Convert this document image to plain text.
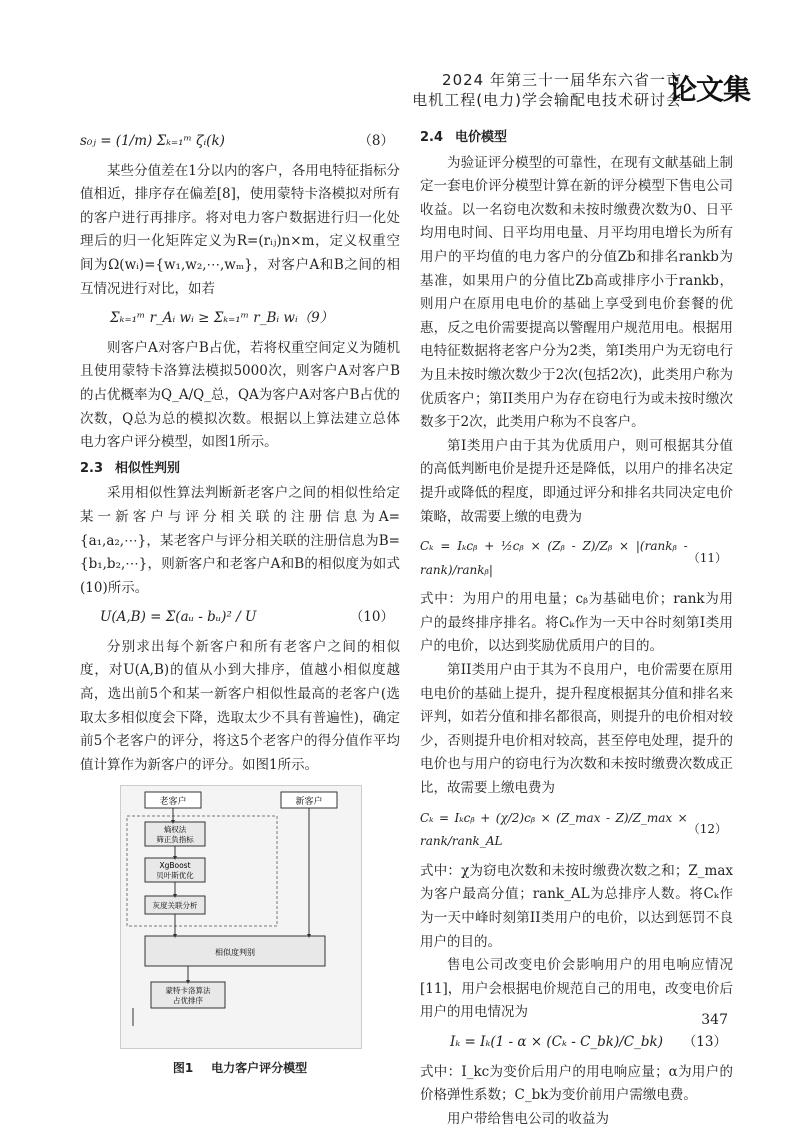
2024 年第三十一届华东六省一市
电机工程(电力)学会输配电技术研讨会
论文集
s₀ⱼ = (1/m) Σₖ₌₁ᵐ ζᵢ(k)	（8）

某些分值差在1分以内的客户，各用电特征指标分值相近，排序存在偏差[8]，使用蒙特卡洛模拟对所有的客户进行再排序。将对电力客户数据进行归一化处理后的归一化矩阵定义为R=(rᵢⱼ)n×m，定义权重空间为Ω(wᵢ)={w₁,w₂,⋯,wₘ}，对客户A和B之间的相互情况进行对比，如若

Σₖ₌₁ᵐ r_Aᵢ wᵢ ≥ Σₖ₌₁ᵐ r_Bᵢ wᵢ（9）

则客户A对客户B占优，若将权重空间定义为随机且使用蒙特卡洛算法模拟5000次，则客户A对客户B的占优概率为Q_A/Q_总，QA为客户A对客户B占优的次数，Q总为总的模拟次数。根据以上算法建立总体电力客户评分模型，如图1所示。

2.3 相似性判别

采用相似性算法判断新老客户之间的相似性给定某一新客户与评分相关联的注册信息为A={a₁,a₂,⋯}，某老客户与评分相关联的注册信息为B={b₁,b₂,⋯}，则新客户和老客户A和B的相似度为如式(10)所示。

U(A,B) = Σ(aᵤ - bᵤ)² / U	（10）

分别求出每个新客户和所有老客户之间的相似度，对U(A,B)的值从小到大排序，值越小相似度越高，选出前5个和某一新客户相似性最高的老客户(选取太多相似度会下降，选取太少不具有普遍性)，确定前5个老客户的评分，将这5个老客户的得分值作平均值计算作为新客户的评分。如图1所示。

老客户	新客户
熵权法
筛正负指标
XgBoost
贝叶斯优化
灰度关联分析
相似度判别
蒙特卡洛算法
占优排序
图1 电力客户评分模型
2.4 电价模型

为验证评分模型的可靠性，在现有文献基础上制定一套电价评分模型计算在新的评分模型下售电公司收益。以一名窃电次数和未按时缴费次数为0、日平均用电时间、日平均用电量、月平均用电增长为所有用户的平均值的电力客户的分值Zb和排名rankb为基准，如果用户的分值比Zb高或排序小于rankb，则用户在原用电电价的基础上享受到电价套餐的优惠，反之电价需要提高以警醒用户规范用电。根据用电特征数据将老客户分为2类，第I类用户为无窃电行为且未按时缴次数少于2次(包括2次)，此类用户称为优质客户；第II类用户为存在窃电行为或未按时缴次数多于2次，此类用户称为不良客户。

第I类用户由于其为优质用户，则可根据其分值的高低判断电价是提升还是降低，以用户的排名决定提升或降低的程度，即通过评分和排名共同决定电价策略，故需要上缴的电费为

Cₖ = Iₖcᵦ + ½cᵦ × (Zᵦ - Z)/Zᵦ × |(rankᵦ - rank)/rankᵦ|
（11）

式中：为用户的用电量；cᵦ为基础电价；rank为用户的最终排序排名。将Cₖ作为一天中谷时刻第I类用户的电价，以达到奖励优质用户的目的。

第II类用户由于其为不良用户，电价需要在原用电电价的基础上提升，提升程度根据其分值和排名来评判，如若分值和排名都很高，则提升的电价相对较少，否则提升电价相对较高，甚至停电处理，提升的电价也与用户的窃电行为次数和未按时缴费次数成正比，故需要上缴电费为

Cₖ = Iₖcᵦ + (χ/2)cᵦ × (Z_max - Z)/Z_max × rank/rank_AL
（12）

式中：χ为窃电次数和未按时缴费次数之和；Z_max为客户最高分值；rank_AL为总排序人数。将Cₖ作为一天中峰时刻第II类用户的电价，以达到惩罚不良用户的目的。

售电公司改变电价会影响用户的用电响应情况[11]，用户会根据电价规范自己的用电，改变电价后用户的用电情况为

Iₖ = Iₖ(1 - α × (Cₖ - C_bk)/C_bk) （13）

式中：I_kc为变价后用户的用电响应量；α为用户的价格弹性系数；C_bk为变价前用户需缴电费。

用户带给售电公司的收益为

347
